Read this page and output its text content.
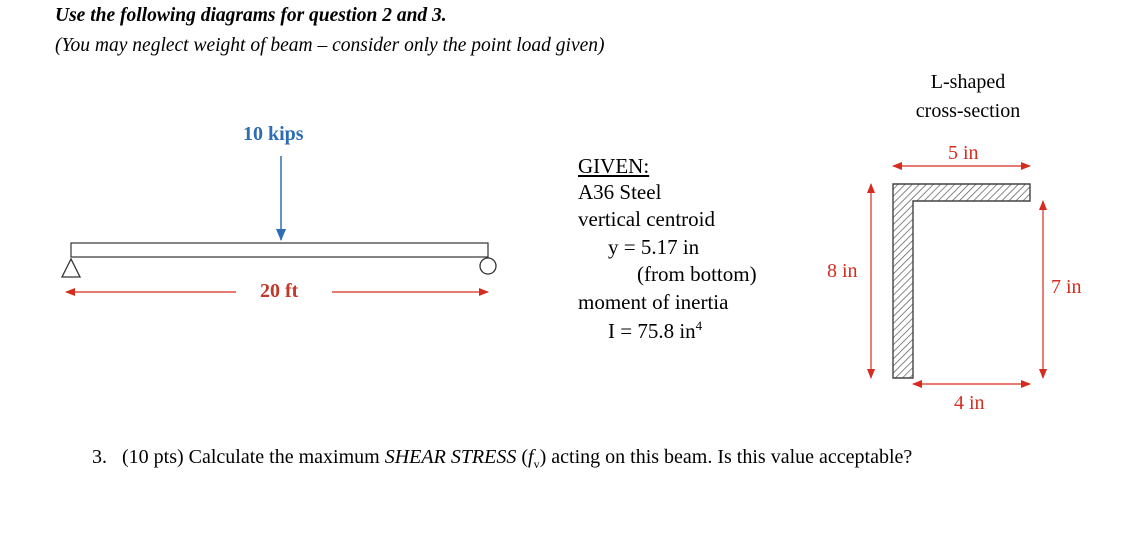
Use the following diagrams for question 2 and 3.
(You may neglect weight of beam – consider only the point load given)
10 kips
20 ft
GIVEN:
A36 Steel
vertical centroid
y = 5.17 in
(from bottom)
moment of inertia
I = 75.8 $in^4$
L-shaped
cross-section
5 in
8 in
7 in
4 in
3. (10 pts) Calculate the maximum SHEAR STRESS $(f_v)$ acting on this beam. Is this value acceptable?
